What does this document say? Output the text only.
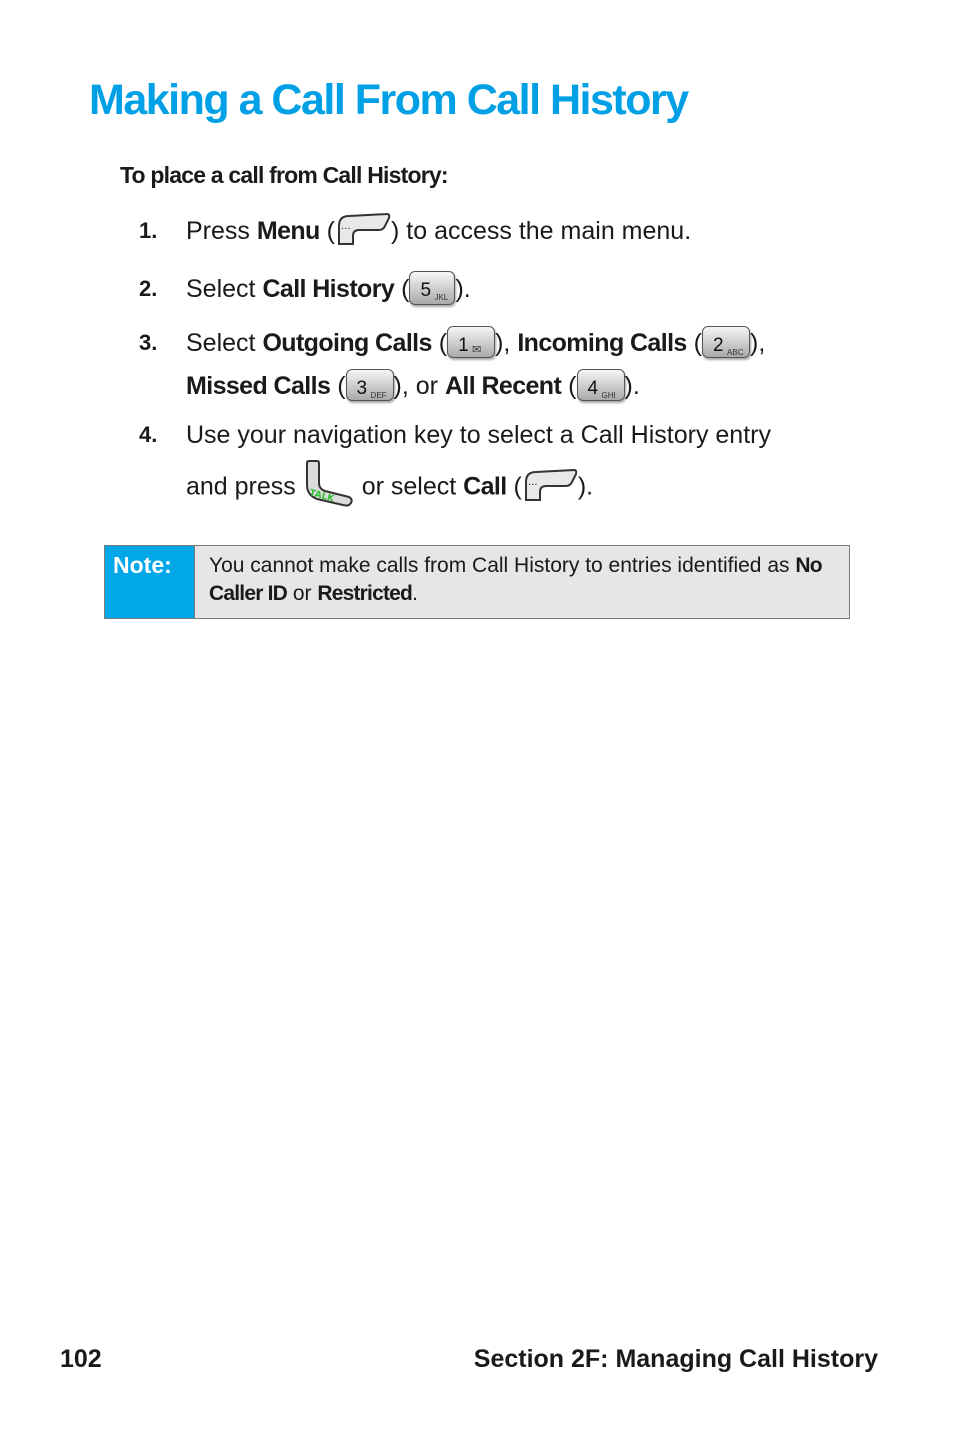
Making a Call From Call History
To place a call from Call History:
1. Press Menu ( ... ) to access the main menu.
2. Select Call History ( 5 JKL ).
3. Select Outgoing Calls ( 1 ✉ ), Incoming Calls ( 2 ABC ),
Missed Calls ( 3 DEF ), or All Recent ( 4 GHI ).
4. Use your navigation key to select a Call History entry
and press TALK or select Call ( ... ).
Note:	You cannot make calls from Call History to entries identified as No Caller ID or Restricted.
102	Section 2F: Managing Call History
